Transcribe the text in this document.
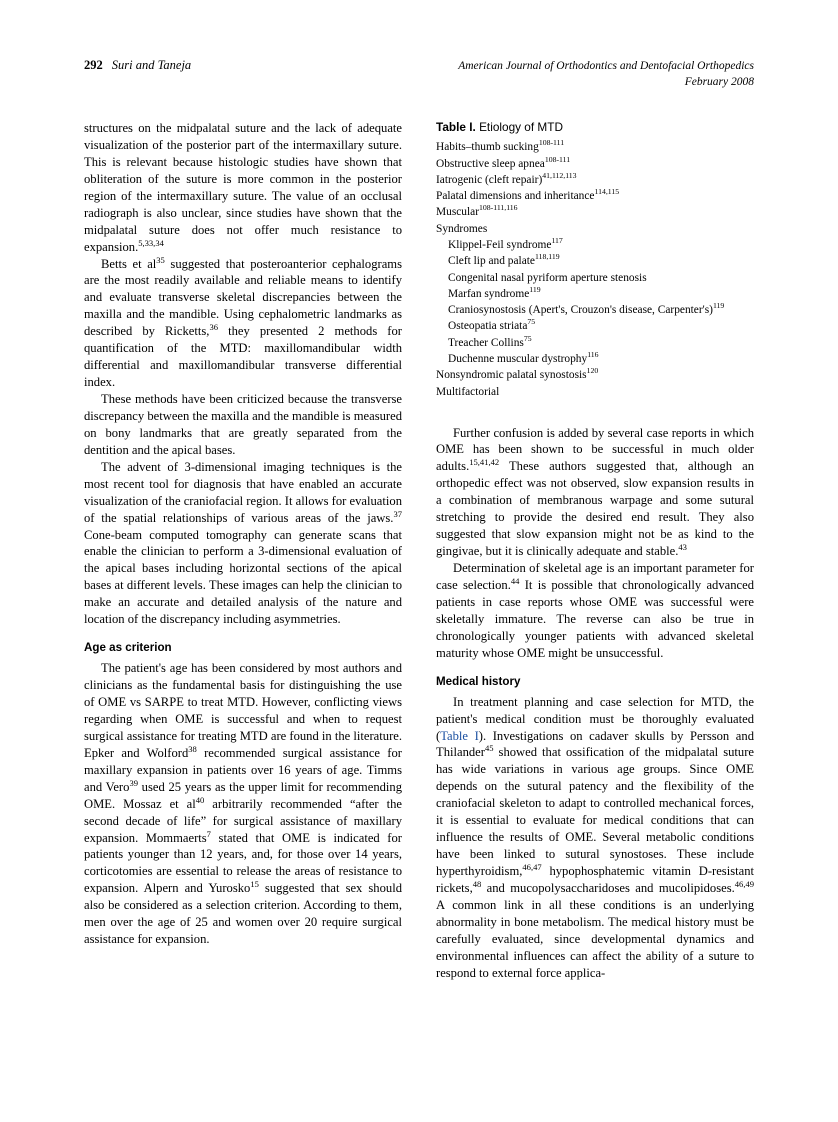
292 Suri and Taneja	American Journal of Orthodontics and Dentofacial Orthopedics
February 2008

structures on the midpalatal suture and the lack of adequate visualization of the posterior part of the intermaxillary suture. This is relevant because histologic studies have shown that obliteration of the suture is more common in the posterior region of the intermaxillary suture. The value of an occlusal radiograph is also unclear, since studies have shown that the midpalatal suture does not offer much resistance to expansion.$^{5,33,34}$

Betts et $al^{35}$ suggested that posteroanterior cephalograms are the most readily available and reliable means to identify and evaluate transverse skeletal discrepancies between the maxilla and the mandible. Using cephalometric landmarks as described by Ricketts,$^{36}$ they presented 2 methods for quantification of the MTD: maxillomandibular width differential and maxillomandibular transverse differential index.

These methods have been criticized because the transverse discrepancy between the maxilla and the mandible is measured on bony landmarks that are greatly separated from the dentition and the apical bases.

The advent of 3-dimensional imaging techniques is the most recent tool for diagnosis that have enabled an accurate visualization of the craniofacial region. It allows for evaluation of the spatial relationships of various areas of the jaws.$^{37}$ Cone-beam computed tomography can generate scans that enable the clinician to perform a 3-dimensional evaluation of the apical bases including horizontal sections of the apical bases at different levels. These images can help the clinician to make an accurate and detailed analysis of the nature and location of the discrepancy including asymmetries.

Age as criterion

The patient's age has been considered by most authors and clinicians as the fundamental basis for distinguishing the use of OME vs SARPE to treat MTD. However, conflicting views regarding when OME is successful and when to request surgical assistance for treating MTD are found in the literature. Epker and Wolford$^{38}$ recommended surgical assistance for maxillary expansion in patients over 16 years of age. Timms and Vero$^{39}$ used 25 years as the upper limit for recommending OME. Mossaz et $al^{40}$ arbitrarily recommended “after the second decade of life” for surgical assistance of maxillary expansion. Mommaerts$^7$ stated that OME is indicated for patients younger than 12 years, and, for those over 14 years, corticotomies are essential to release the areas of resistance to expansion. Alpern and Yurosko$^{15}$ suggested that sex should also be considered as a selection criterion. According to them, men over the age of 25 and women over 20 require surgical assistance for expansion.

Table I. Etiology of MTD
Habits–thumb sucking$^{108-111}$
Obstructive sleep apnea$^{108-111}$
Iatrogenic (cleft repair)$^{41,112,113}$
Palatal dimensions and inheritance$^{114,115}$
Muscular$^{108-111,116}$
Syndromes
Klippel-Feil syndrome$^{117}$
Cleft lip and palate$^{118,119}$
Congenital nasal pyriform aperture stenosis
Marfan syndrome$^{119}$
Craniosynostosis (Apert's, Crouzon's disease, Carpenter's)$^{119}$
Osteopatia striata$^{75}$
Treacher Collins$^{75}$
Duchenne muscular dystrophy$^{116}$
Nonsyndromic palatal synostosis$^{120}$
Multifactorial

Further confusion is added by several case reports in which OME has been shown to be successful in much older adults.$^{15,41,42}$ These authors suggested that, although an orthopedic effect was not observed, slow expansion results in a combination of membranous warpage and some sutural stretching to provide the desired end result. They also suggested that slow expansion might not be as kind to the gingivae, but it is clinically adequate and stable.$^{43}$

Determination of skeletal age is an important parameter for case selection.$^{44}$ It is possible that chronologically advanced patients in case reports whose OME was successful were skeletally immature. The reverse can also be true in chronologically younger patients with advanced skeletal maturity whose OME might be unsuccessful.

Medical history

In treatment planning and case selection for MTD, the patient's medical condition must be thoroughly evaluated (Table I). Investigations on cadaver skulls by Persson and Thilander$^{45}$ showed that ossification of the midpalatal suture has wide variations in various age groups. Since OME depends on the sutural patency and the flexibility of the craniofacial skeleton to adapt to controlled mechanical forces, it is essential to evaluate for medical conditions that can influence the results of OME. Several metabolic conditions have been linked to sutural synostoses. These include hyperthyroidism,$^{46,47}$ hypophosphatemic vitamin D-resistant rickets,$^{48}$ and mucopolysaccharidoses and mucolipidoses.$^{46,49}$ A common link in all these conditions is an underlying abnormality in bone metabolism. The medical history must be carefully evaluated, since developmental dynamics and environmental influences can affect the ability of a suture to respond to external force applica-
